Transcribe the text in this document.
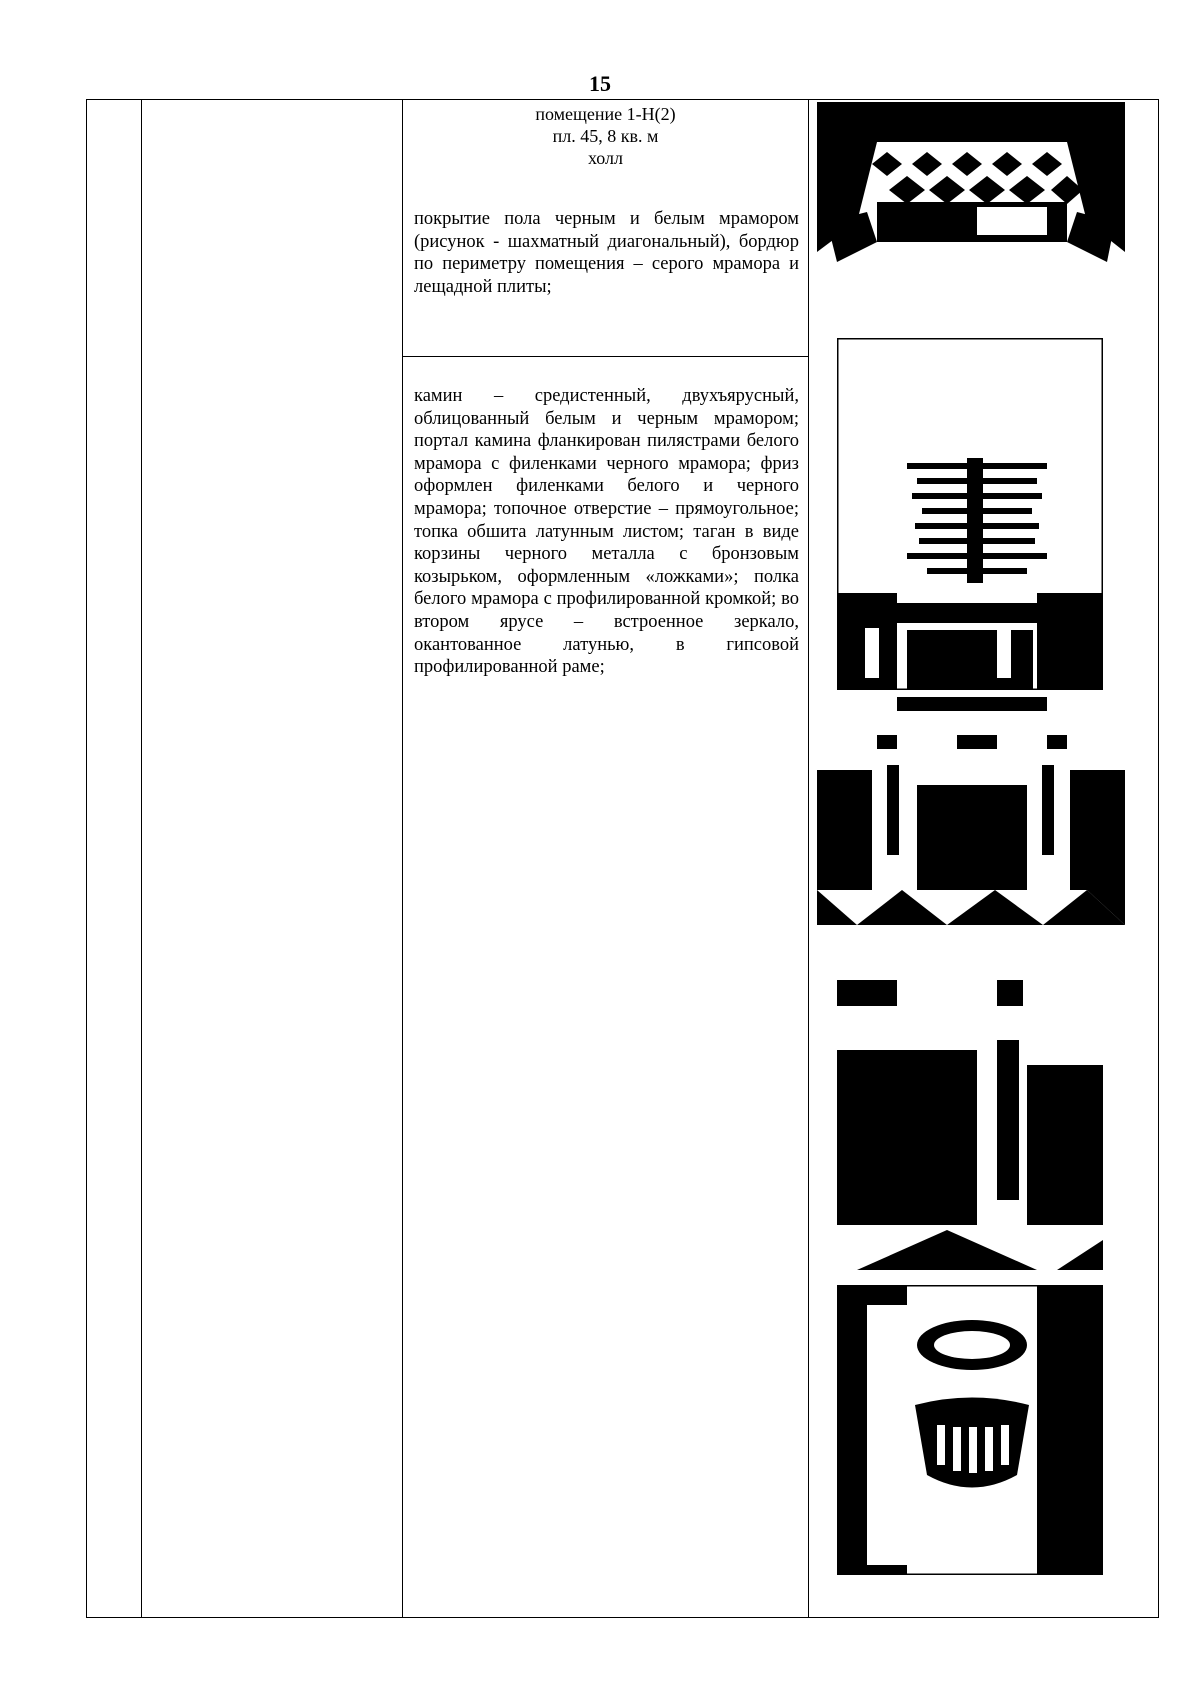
15

помещение 1-Н(2)
пл. 45, 8 кв. м
холл
покрытие пола черным и белым мрамором (рисунок - шахматный диагональный), бордюр по периметру помещения – серого мрамора и лещадной плиты;
камин – средистенный, двухъярусный, облицованный белым и черным мрамором; портал камина фланкирован пилястрами белого мрамора с филенками черного мрамора; фриз оформлен филенками белого и черного мрамора; топочное отверстие – прямоугольное; топка обшита латунным листом; таган в виде корзины черного металла с бронзовым козырьком, оформленным «ложками»; полка белого мрамора с профилированной кромкой; во втором ярусе – встроенное зеркало, окантованное латунью, в гипсовой профилированной раме;
